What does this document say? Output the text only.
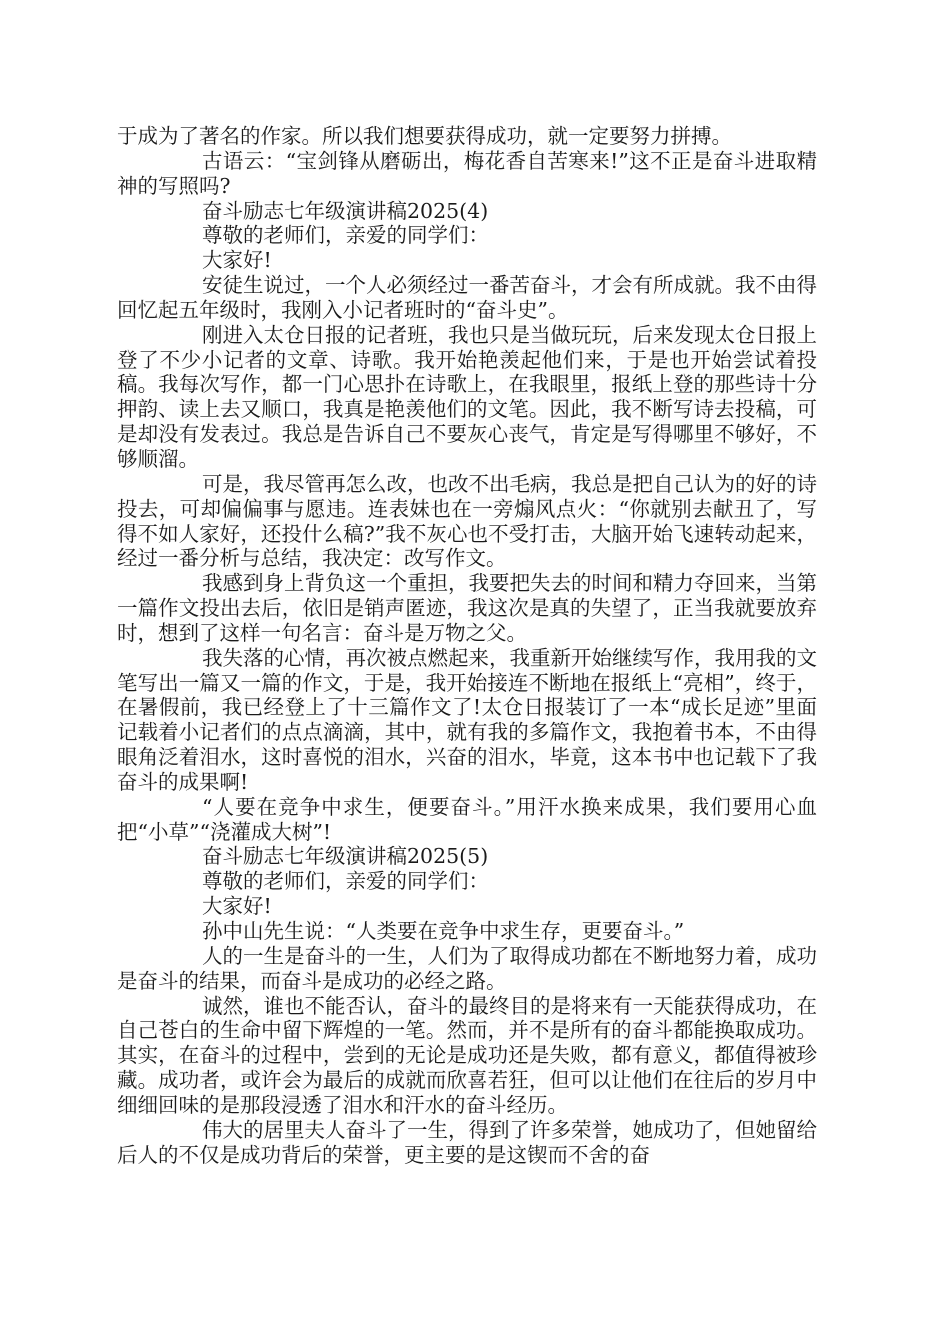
于成为了著名的作家。所以我们想要获得成功，就一定要努力拼搏。

古语云：“宝剑锋从磨砺出，梅花香自苦寒来!”这不正是奋斗进取精神的写照吗?

奋斗励志七年级演讲稿2025(4)

尊敬的老师们，亲爱的同学们：

大家好!

安徒生说过，一个人必须经过一番苦奋斗，才会有所成就。我不由得回忆起五年级时，我刚入小记者班时的“奋斗史”。

刚进入太仓日报的记者班，我也只是当做玩玩，后来发现太仓日报上登了不少小记者的文章、诗歌。我开始艳羡起他们来，于是也开始尝试着投稿。我每次写作，都一门心思扑在诗歌上，在我眼里，报纸上登的那些诗十分押韵、读上去又顺口，我真是艳羡他们的文笔。因此，我不断写诗去投稿，可是却没有发表过。我总是告诉自己不要灰心丧气，肯定是写得哪里不够好，不够顺溜。

可是，我尽管再怎么改，也改不出毛病，我总是把自己认为的好的诗投去，可却偏偏事与愿违。连表妹也在一旁煽风点火：“你就别去献丑了，写得不如人家好，还投什么稿?”我不灰心也不受打击，大脑开始飞速转动起来，经过一番分析与总结，我决定：改写作文。

我感到身上背负这一个重担，我要把失去的时间和精力夺回来，当第一篇作文投出去后，依旧是销声匿迹，我这次是真的失望了，正当我就要放弃时，想到了这样一句名言：奋斗是万物之父。

我失落的心情，再次被点燃起来，我重新开始继续写作，我用我的文笔写出一篇又一篇的作文，于是，我开始接连不断地在报纸上“亮相”，终于，在暑假前，我已经登上了十三篇作文了!太仓日报装订了一本“成长足迹”里面记载着小记者们的点点滴滴，其中，就有我的多篇作文，我抱着书本，不由得眼角泛着泪水，这时喜悦的泪水，兴奋的泪水，毕竟，这本书中也记载下了我奋斗的成果啊!

“人要在竞争中求生，便要奋斗。”用汗水换来成果，我们要用心血把“小草”“浇灌成大树”!

奋斗励志七年级演讲稿2025(5)

尊敬的老师们，亲爱的同学们：

大家好!

孙中山先生说：“人类要在竞争中求生存，更要奋斗。”

人的一生是奋斗的一生，人们为了取得成功都在不断地努力着，成功是奋斗的结果，而奋斗是成功的必经之路。

诚然，谁也不能否认，奋斗的最终目的是将来有一天能获得成功，在自己苍白的生命中留下辉煌的一笔。然而，并不是所有的奋斗都能换取成功。其实，在奋斗的过程中，尝到的无论是成功还是失败，都有意义，都值得被珍藏。成功者，或许会为最后的成就而欣喜若狂，但可以让他们在往后的岁月中细细回味的是那段浸透了泪水和汗水的奋斗经历。

伟大的居里夫人奋斗了一生，得到了许多荣誉，她成功了，但她留给后人的不仅是成功背后的荣誉，更主要的是这锲而不舍的奋
